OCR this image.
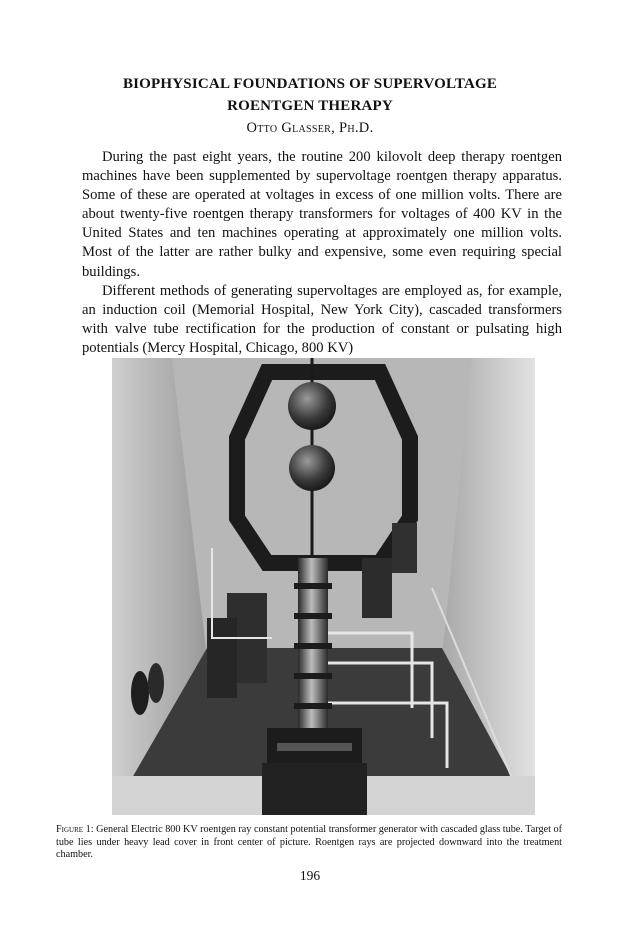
BIOPHYSICAL FOUNDATIONS OF SUPERVOLTAGE
ROENTGEN THERAPY
Otto Glasser, Ph.D.

During the past eight years, the routine 200 kilovolt deep therapy roentgen machines have been supplemented by supervoltage roentgen therapy apparatus. Some of these are operated at voltages in excess of one million volts. There are about twenty-five roentgen therapy transformers for voltages of 400 KV in the United States and ten machines operating at approximately one million volts. Most of the latter are rather bulky and expensive, some even requiring special buildings.

Different methods of generating supervoltages are employed as, for example, an induction coil (Memorial Hospital, New York City), cascaded transformers with valve tube rectification for the production of constant or pulsating high potentials (Mercy Hospital, Chicago, 800 KV)

Figure 1: General Electric 800 KV roentgen ray constant potential transformer generator with cascaded glass tube. Target of tube lies under heavy lead cover in front center of picture. Roentgen rays are projected downward into the treatment chamber.
196
